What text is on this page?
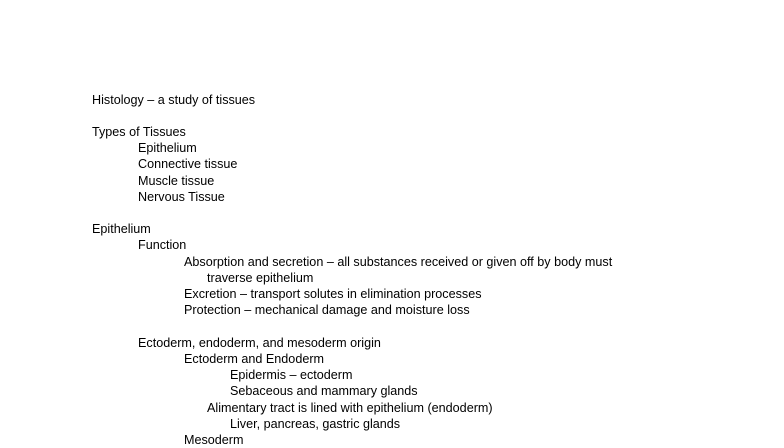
Histology – a study of tissues
Types of Tissues
Epithelium
Connective tissue
Muscle tissue
Nervous Tissue
Epithelium
Function
Absorption and secretion – all substances received or given off by body must
traverse epithelium
Excretion – transport solutes in elimination processes
Protection – mechanical damage and moisture loss
Ectoderm, endoderm, and mesoderm origin
Ectoderm and Endoderm
Epidermis – ectoderm
Sebaceous and mammary glands
Alimentary tract is lined with epithelium (endoderm)
Liver, pancreas, gastric glands
Mesoderm
